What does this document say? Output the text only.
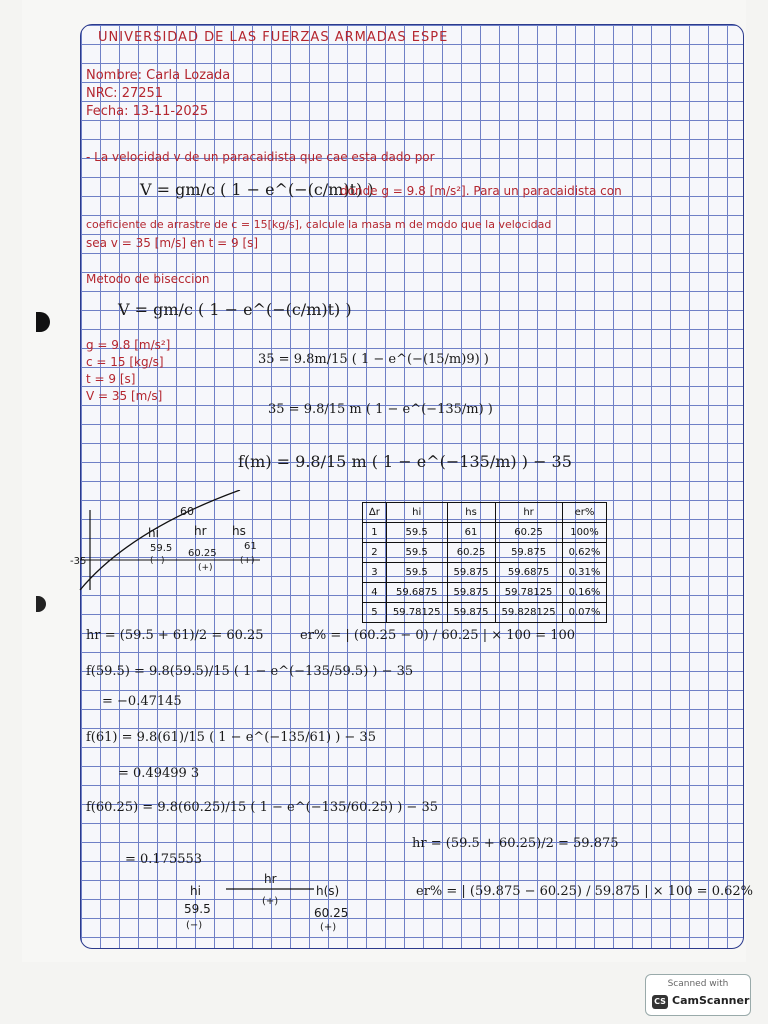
UNIVERSIDAD DE LAS FUERZAS ARMADAS ESPE
Nombre: Carla Lozada
NRC: 27251
Fecha: 13-11-2025
- La velocidad v de un paracaidista que cae esta dado por
V = gm/c ( 1 − e^(−(c/m)t) )
donde g = 9.8 [m/s²]. Para un paracaidista con
coeficiente de arrastre de c = 15[kg/s], calcule la masa m de modo que la velocidad
sea v = 35 [m/s] en t = 9 [s]
Metodo de biseccion
V = gm/c ( 1 − e^(−(c/m)t) )
g = 9.8 [m/s²]
c = 15 [kg/s]
t = 9 [s]
V = 35 [m/s]
35 = 9.8m/15 ( 1 − e^(−(15/m)9) )
35 = 9.8/15 m ( 1 − e^(−135/m) )
f(m) = 9.8/15 m ( 1 − e^(−135/m) ) − 35
-35
60
hi	hr hs
59.5
(−)
60.25
(+)
61
(+)
∆r	hi	hs	hr	er%
1	59.5	61	60.25	100%
2	59.5	60.25	59.875	0.62%
3	59.5	59.875	59.6875	0.31%
4	59.6875	59.875	59.78125	0.16%
5	59.78125	59.875	59.828125	0.07%
hr = (59.5 + 61)/2 = 60.25	er% = | (60.25 − 0) / 60.25 | × 100 = 100
f(59.5) = 9.8(59.5)/15 ( 1 − e^(−135/59.5) ) − 35
= −0.47145
f(61) = 9.8(61)/15 ( 1 − e^(−135/61) ) − 35
= 0.49499 3
f(60.25) = 9.8(60.25)/15 ( 1 − e^(−135/60.25) ) − 35
= 0.175553
hr = (59.5 + 60.25)/2 = 59.875
hi
hr
h(s)
59.5
(−)
(+)
60.25
(+)
er% = | (59.875 − 60.25) / 59.875 | × 100 = 0.62%
Scanned with
CS CamScanner
